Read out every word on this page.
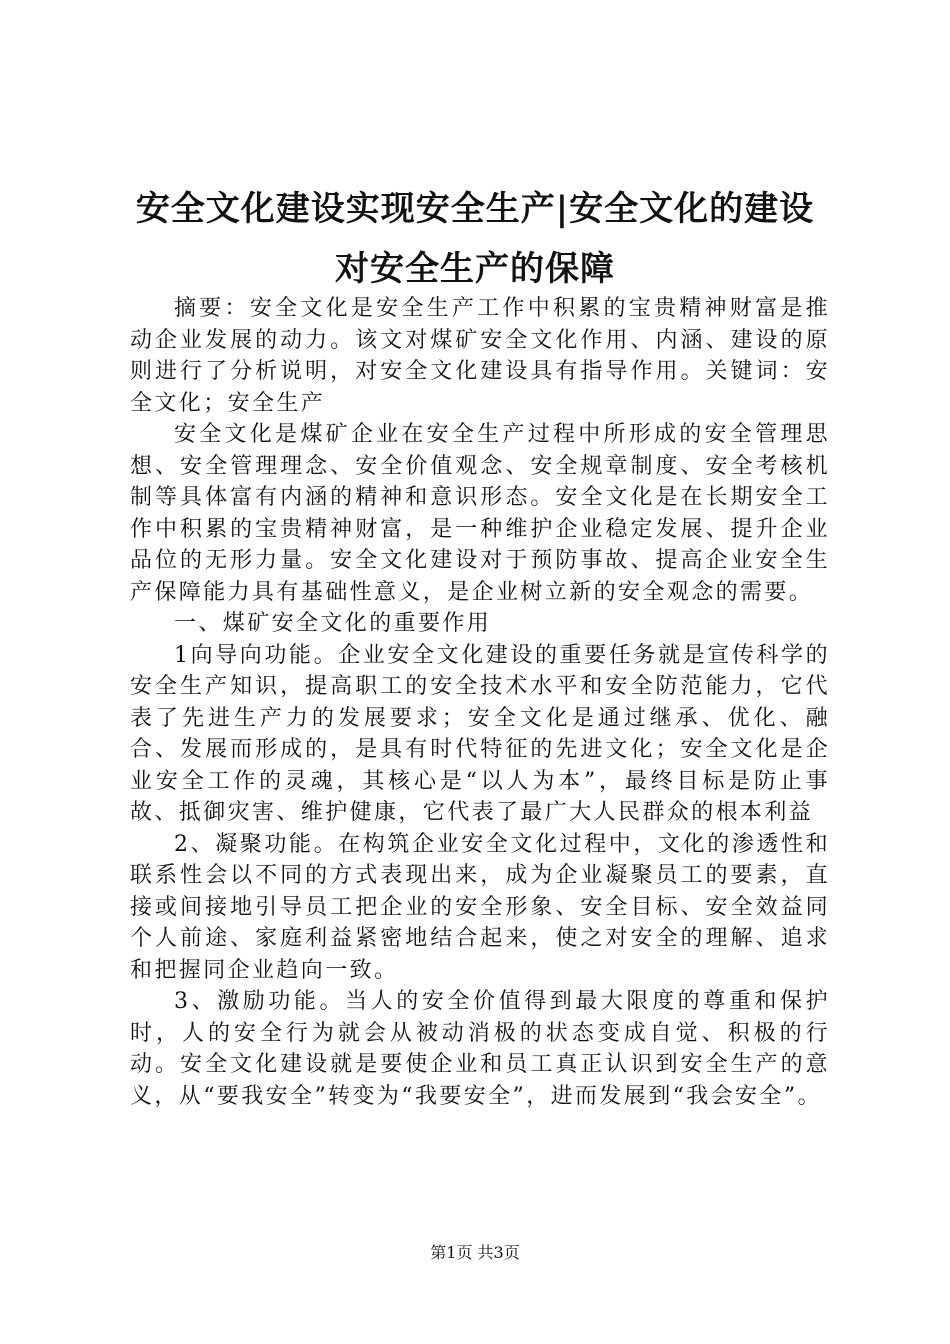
安全文化建设实现安全生产|安全文化的建设
对安全生产的保障

摘要：安全文化是安全生产工作中积累的宝贵精神财富是推动企业发展的动力。该文对煤矿安全文化作用、内涵、建设的原则进行了分析说明，对安全文化建设具有指导作用。关键词：安全文化；安全生产

安全文化是煤矿企业在安全生产过程中所形成的安全管理思想、安全管理理念、安全价值观念、安全规章制度、安全考核机制等具体富有内涵的精神和意识形态。安全文化是在长期安全工作中积累的宝贵精神财富，是一种维护企业稳定发展、提升企业品位的无形力量。安全文化建设对于预防事故、提高企业安全生产保障能力具有基础性意义，是企业树立新的安全观念的需要。

一、煤矿安全文化的重要作用

1向导向功能。企业安全文化建设的重要任务就是宣传科学的安全生产知识，提高职工的安全技术水平和安全防范能力，它代表了先进生产力的发展要求；安全文化是通过继承、优化、融合、发展而形成的，是具有时代特征的先进文化；安全文化是企业安全工作的灵魂，其核心是“以人为本”，最终目标是防止事故、抵御灾害、维护健康，它代表了最广大人民群众的根本利益

2、凝聚功能。在构筑企业安全文化过程中，文化的渗透性和联系性会以不同的方式表现出来，成为企业凝聚员工的要素，直接或间接地引导员工把企业的安全形象、安全目标、安全效益同个人前途、家庭利益紧密地结合起来，使之对安全的理解、追求和把握同企业趋向一致。

3、激励功能。当人的安全价值得到最大限度的尊重和保护时，人的安全行为就会从被动消极的状态变成自觉、积极的行动。安全文化建设就是要使企业和员工真正认识到安全生产的意义，从“要我安全”转变为“我要安全”，进而发展到“我会安全”。

第1页 共3页
